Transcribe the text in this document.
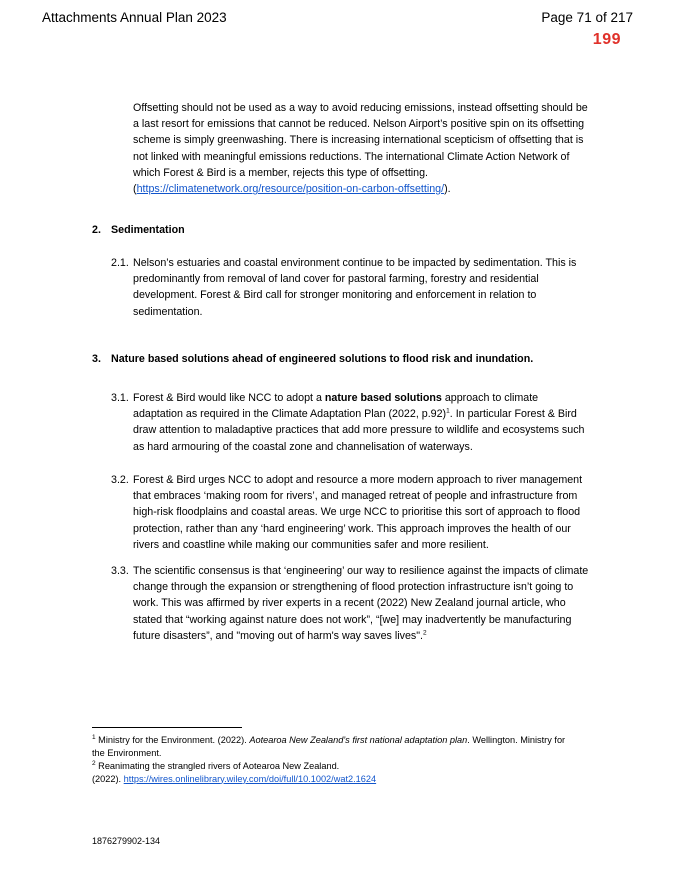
Attachments Annual Plan 2023	Page 71 of 217
199

Offsetting should not be used as a way to avoid reducing emissions, instead offsetting should be a last resort for emissions that cannot be reduced. Nelson Airport’s positive spin on its offsetting scheme is simply greenwashing. There is increasing international scepticism of offsetting that is not linked with meaningful emissions reductions. The international Climate Action Network of which Forest & Bird is a member, rejects this type of offsetting. (https://climatenetwork.org/resource/position-on-carbon-offsetting/).

2. Sedimentation
2.1. Nelson’s estuaries and coastal environment continue to be impacted by sedimentation. This is predominantly from removal of land cover for pastoral farming, forestry and residential development. Forest & Bird call for stronger monitoring and enforcement in relation to sedimentation.

3. Nature based solutions ahead of engineered solutions to flood risk and inundation.
3.1. Forest & Bird would like NCC to adopt a nature based solutions approach to climate adaptation as required in the Climate Adaptation Plan (2022, p.92)$^1$. In particular Forest & Bird draw attention to maladaptive practices that add more pressure to wildlife and ecosystems such as hard armouring of the coastal zone and channelisation of waterways.

3.2. Forest & Bird urges NCC to adopt and resource a more modern approach to river management that embraces ‘making room for rivers’, and managed retreat of people and infrastructure from high-risk floodplains and coastal areas. We urge NCC to prioritise this sort of approach to flood protection, rather than any ‘hard engineering’ work. This approach improves the health of our rivers and coastline while making our communities safer and more resilient.

3.3. The scientific consensus is that ‘engineering’ our way to resilience against the impacts of climate change through the expansion or strengthening of flood protection infrastructure isn’t going to work. This was affirmed by river experts in a recent (2022) New Zealand journal article, who stated that “working against nature does not work”, “[we] may inadvertently be manufacturing future disasters”, and "moving out of harm's way saves lives".$^2$

$^1$ Ministry for the Environment. (2022). Aotearoa New Zealand’s first national adaptation plan. Wellington. Ministry for the Environment.
$^2$ Reanimating the strangled rivers of Aotearoa New Zealand.
(2022). https://wires.onlinelibrary.wiley.com/doi/full/10.1002/wat2.1624
1876279902-134
